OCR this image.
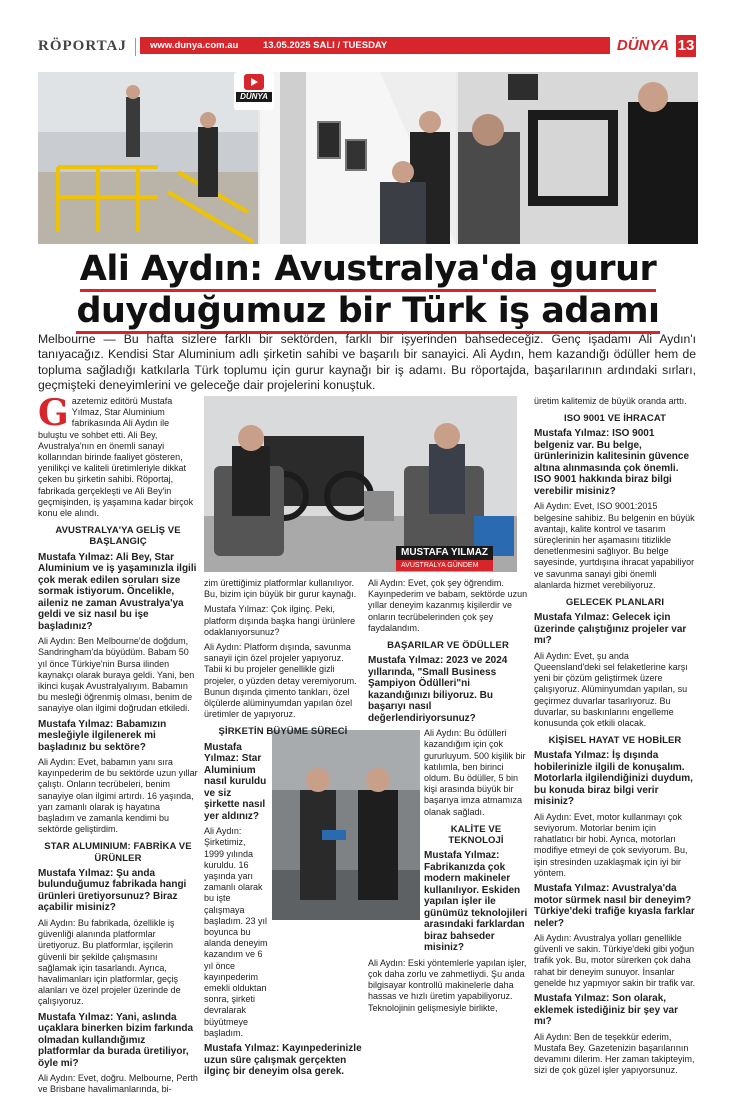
RÖPORTAJ	www.dunya.com.au	13.05.2025 SALI / TUESDAY	DÜNYA 13
DÜNYA
Ali Aydın: Avustralya'da gurur
duyduğumuz bir Türk iş adamı
Melbourne — Bu hafta sizlere farklı bir sektörden, farklı bir işyerinden bahsedeceğiz. Genç işadamı Ali Aydın'ı tanıyacağız. Kendisi Star Aluminium adlı şirketin sahibi ve başarılı bir sanayici. Ali Aydın, hem kazandığı ödüller hem de topluma sağladığı katkılarla Türk toplumu için gurur kaynağı bir iş adamı. Bu röportajda, başarılarının ardındaki sırları, geçmişteki deneyimlerini ve geleceğe dair projelerini konuştuk.
MUSTAFA YILMAZ
AVUSTRALYA GÜNDEM

Gazetemiz editörü Mustafa Yılmaz, Star Aluminium fabrikasında Ali Aydın ile buluştu ve sohbet etti. Ali Bey, Avustralya'nın en önemli sanayi kollarından birinde faaliyet gösteren, yenilikçi ve kaliteli üretimleriyle dikkat çeken bu şirketin sahibi. Röportaj, fabrikada gerçekleşti ve Ali Bey'in geçmişinden, iş yaşamına kadar birçok konu ele alındı.

AVUSTRALYA'YA GELİŞ VE BAŞLANGIÇ

Mustafa Yılmaz: Ali Bey, Star Aluminium ve iş yaşamınızla ilgili çok merak edilen soruları size sormak istiyorum. Öncelikle, aileniz ne zaman Avustralya'ya geldi ve siz nasıl bu işe başladınız?

Ali Aydın: Ben Melbourne'de doğdum, Sandringham'da büyüdüm. Babam 50 yıl önce Türkiye'nin Bursa ilinden kaynakçı olarak buraya geldi. Yani, ben ikinci kuşak Avustralyalıyım. Babamın bu mesleği öğrenmiş olması, benim de sanayiye olan ilgimi doğrudan etkiledi.

Mustafa Yılmaz: Babamızın mesleğiyle ilgilenerek mi başladınız bu sektöre?

Ali Aydın: Evet, babamın yanı sıra kayınpederim de bu sektörde uzun yıllar çalıştı. Onların tecrübeleri, benim sanayiye olan ilgimi artırdı. 16 yaşında, yarı zamanlı olarak iş hayatına başladım ve zamanla kendimi bu sektörde geliştirdim.

STAR ALUMINIUM: FABRİKA VE ÜRÜNLER

Mustafa Yılmaz: Şu anda bulunduğumuz fabrikada hangi ürünleri üretiyorsunuz? Biraz açabilir misiniz?

Ali Aydın: Bu fabrikada, özellikle iş güvenliği alanında platformlar üretiyoruz. Bu platformlar, işçilerin güvenli bir şekilde çalışmasını sağlamak için tasarlandı. Ayrıca, havalimanları için platformlar, geçiş alanları ve özel projeler üzerinde de çalışıyoruz.

Mustafa Yılmaz: Yani, aslında uçaklara binerken bizim farkında olmadan kullandığımız platformlar da burada üretiliyor, öyle mi?

Ali Aydın: Evet, doğru. Melbourne, Perth ve Brisbane havalimanlarında, bi-

zim ürettiğimiz platformlar kullanılıyor. Bu, bizim için büyük bir gurur kaynağı.

Mustafa Yılmaz: Çok ilginç. Peki, platform dışında başka hangi ürünlere odaklanıyorsunuz?

Ali Aydın: Platform dışında, savunma sanayii için özel projeler yapıyoruz. Tabii ki bu projeler genellikle gizli projeler, o yüzden detay veremiyorum. Bunun dışında çimento tankları, özel ölçülerde alüminyumdan yapılan özel üretimler de yapıyoruz.

ŞİRKETİN BÜYÜME SÜRECİ

Mustafa Yılmaz: Star Aluminium nasıl kuruldu ve siz şirkette nasıl yer aldınız?

Ali Aydın: Şirketimiz, 1999 yılında kuruldu. 16 yaşında yarı zamanlı olarak bu işte çalışmaya başladım. 23 yıl boyunca bu alanda deneyim kazandım ve 6 yıl önce kayınpederim emekli olduktan sonra, şirketi devralarak büyütmeye başladım.

Mustafa Yılmaz: Kayınpederinizle uzun süre çalışmak gerçekten ilginç bir deneyim olsa gerek.

Ali Aydın: Evet, çok şey öğrendim. Kayınpederim ve babam, sektörde uzun yıllar deneyim kazanmış kişilerdir ve onların tecrübelerinden çok şey faydalandım.

BAŞARILAR VE ÖDÜLLER

Mustafa Yılmaz: 2023 ve 2024 yıllarında, "Small Business Şampiyon Ödülleri"ni kazandığınızı biliyoruz. Bu başarıyı nasıl değerlendiriyorsunuz?

Ali Aydın: Bu ödülleri kazandığım için çok gururluyum. 500 kişilik bir katılımla, ben birinci oldum. Bu ödüller, 5 bin kişi arasında büyük bir başarıya imza atmamıza olanak sağladı.

KALİTE VE TEKNOLOJİ

Mustafa Yılmaz: Fabrikanızda çok modern makineler kullanılıyor. Eskiden yapılan işler ile günümüz teknolojileri arasındaki farklardan biraz bahseder misiniz?

Ali Aydın: Eski yöntemlerle yapılan işler, çok daha zorlu ve zahmetliydi. Şu anda bilgisayar kontrollü makinelerle daha hassas ve hızlı üretim yapabiliyoruz. Teknolojinin gelişmesiyle birlikte,

üretim kalitemiz de büyük oranda arttı.

ISO 9001 VE İHRACAT

Mustafa Yılmaz: ISO 9001 belgeniz var. Bu belge, ürünlerinizin kalitesinin güvence altına alınmasında çok önemli. ISO 9001 hakkında biraz bilgi verebilir misiniz?

Ali Aydın: Evet, ISO 9001:2015 belgesine sahibiz. Bu belgenin en büyük avantajı, kalite kontrol ve tasarım süreçlerinin her aşamasını titizlikle denetlenmesini sağlıyor. Bu belge sayesinde, yurtdışına ihracat yapabiliyor ve savunma sanayi gibi önemli alanlarda hizmet verebiliyoruz.

GELECEK PLANLARI

Mustafa Yılmaz: Gelecek için üzerinde çalıştığınız projeler var mı?

Ali Aydın: Evet, şu anda Queensland'deki sel felaketlerine karşı yeni bir çözüm geliştirmek üzere çalışıyoruz. Alüminyumdan yapılan, su geçirmez duvarlar tasarlıyoruz. Bu duvarlar, su baskınlarını engelleme konusunda çok etkili olacak.

KİŞİSEL HAYAT VE HOBİLER

Mustafa Yılmaz: İş dışında hobilerinizle ilgili de konuşalım. Motorlarla ilgilendiğinizi duydum, bu konuda biraz bilgi verir misiniz?

Ali Aydın: Evet, motor kullanmayı çok seviyorum. Motorlar benim için rahatlatıcı bir hobi. Ayrıca, motorları modifiye etmeyi de çok seviyorum. Bu, işin stresinden uzaklaşmak için iyi bir yöntem.

Mustafa Yılmaz: Avustralya'da motor sürmek nasıl bir deneyim? Türkiye'deki trafiğe kıyasla farklar neler?

Ali Aydın: Avustralya yolları genellikle güvenli ve sakin. Türkiye'deki gibi yoğun trafik yok. Bu, motor sürerken çok daha rahat bir deneyim sunuyor. İnsanlar genelde hız yapmıyor sakin bir trafik var.

Mustafa Yılmaz: Son olarak, eklemek istediğiniz bir şey var mı?

Ali Aydın: Ben de teşekkür ederim, Mustafa Bey. Gazetenizin başarılarının devamını dilerim. Her zaman takipteyim, sizi de çok güzel işler yapıyorsunuz.
